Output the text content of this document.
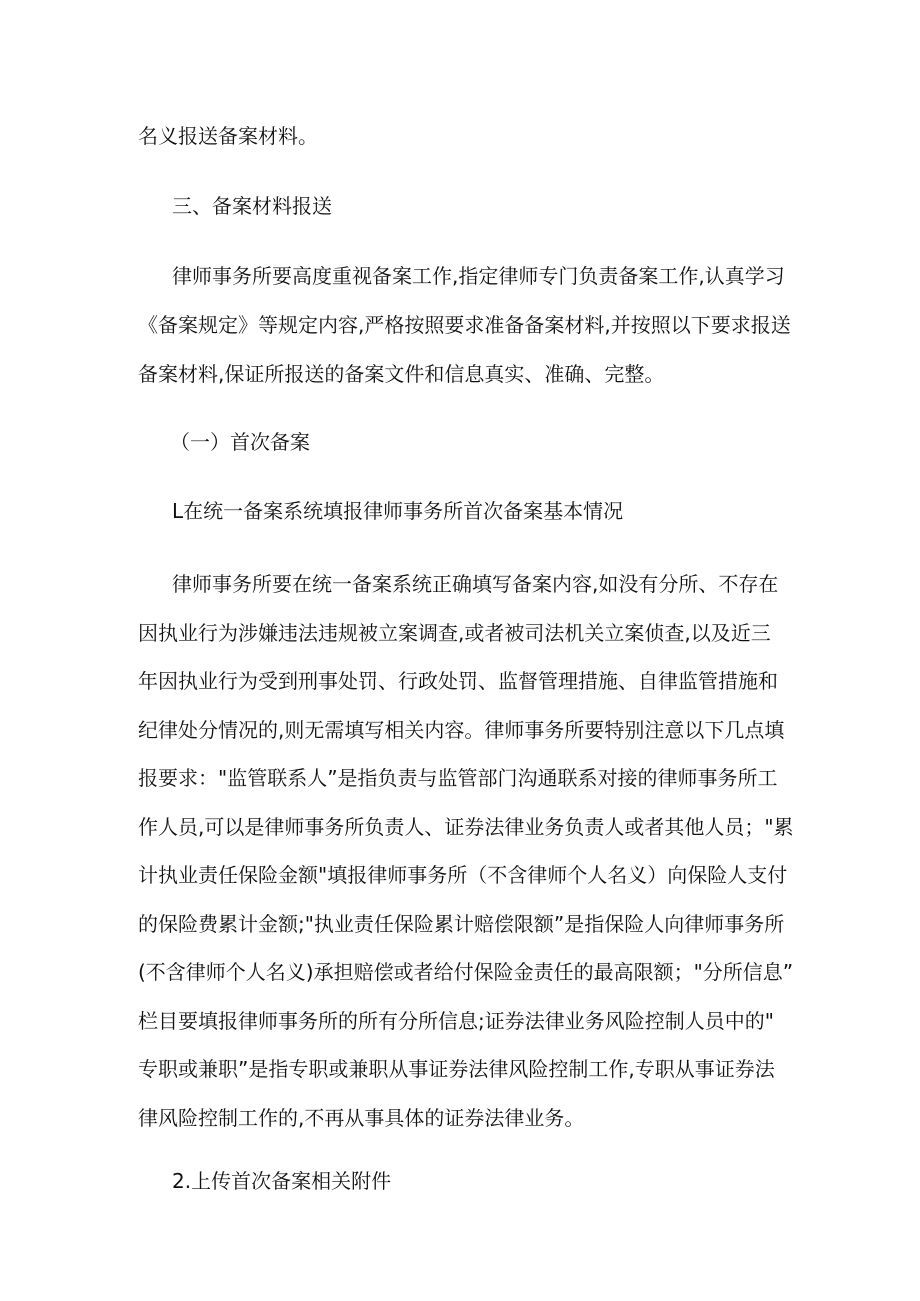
名义报送备案材料。
三、备案材料报送
律师事务所要高度重视备案工作,指定律师专门负责备案工作,认真学习
《备案规定》等规定内容,严格按照要求准备备案材料,并按照以下要求报送
备案材料,保证所报送的备案文件和信息真实、准确、完整。
（一）首次备案
L在统一备案系统填报律师事务所首次备案基本情况
律师事务所要在统一备案系统正确填写备案内容,如没有分所、不存在
因执业行为涉嫌违法违规被立案调查,或者被司法机关立案侦查,以及近三
年因执业行为受到刑事处罚、行政处罚、监督管理措施、自律监管措施和
纪律处分情况的,则无需填写相关内容。律师事务所要特别注意以下几点填
报要求："监管联系人”是指负责与监管部门沟通联系对接的律师事务所工
作人员,可以是律师事务所负责人、证券法律业务负责人或者其他人员；"累
计执业责任保险金额"填报律师事务所（不含律师个人名义）向保险人支付
的保险费累计金额;"执业责任保险累计赔偿限额”是指保险人向律师事务所
(不含律师个人名义)承担赔偿或者给付保险金责任的最高限额；"分所信息”
栏目要填报律师事务所的所有分所信息;证券法律业务风险控制人员中的"
专职或兼职”是指专职或兼职从事证券法律风险控制工作,专职从事证券法
律风险控制工作的,不再从事具体的证券法律业务。
2.上传首次备案相关附件
